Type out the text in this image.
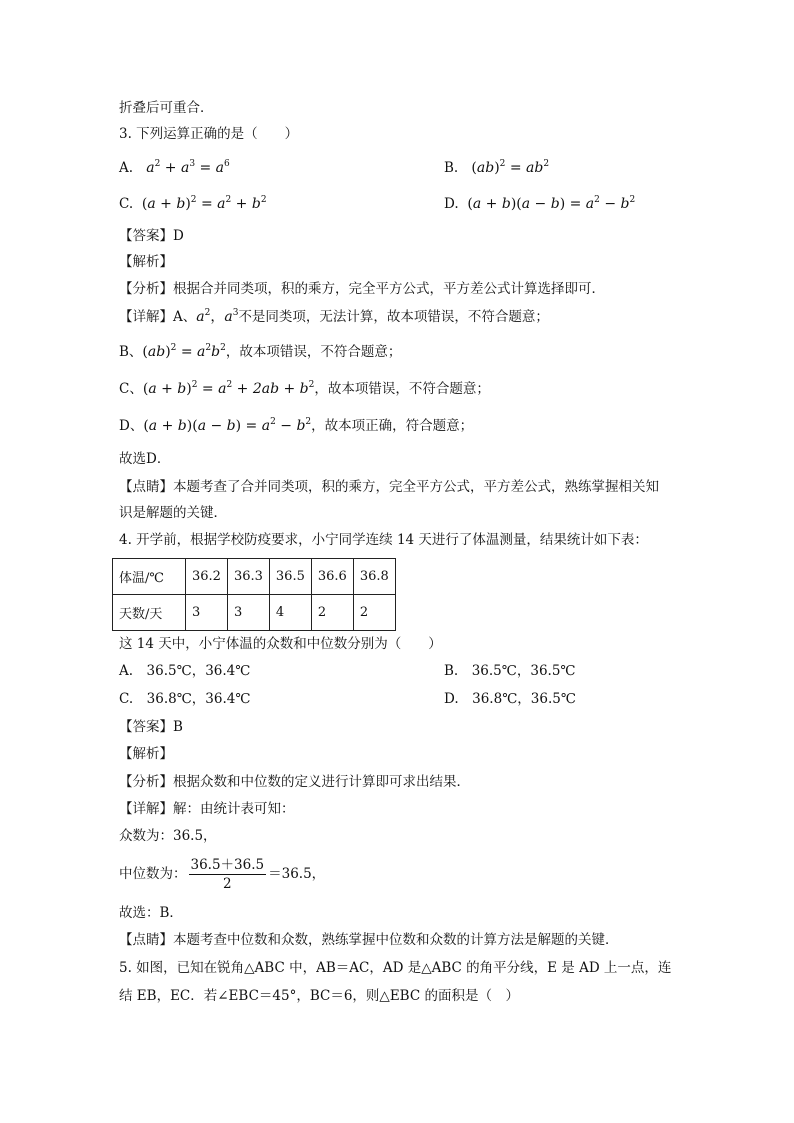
折叠后可重合．
3. 下列运算正确的是（　　）
A.   $a^2 + a^3 = a^6$	B. $(ab)^2 = ab^2$
C. $(a + b)^2 = a^2 + b^2$	D. $(a + b)(a - b) = a^2 - b^2$
【答案】D
【解析】
【分析】根据合并同类项，积的乘方，完全平方公式，平方差公式计算选择即可．
【详解】A、$a^2$，$a^3$不是同类项，无法计算，故本项错误，不符合题意；
B、$(ab)^2 = a^2b^2$，故本项错误，不符合题意；
C、$(a + b)^2 = a^2 + 2ab + b^2$，故本项错误，不符合题意；
D、$(a + b)(a - b) = a^2 - b^2$，故本项正确，符合题意；
故选D．
【点睛】本题考查了合并同类项，积的乘方，完全平方公式，平方差公式，熟练掌握相关知
识是解题的关键．
4. 开学前，根据学校防疫要求，小宁同学连续 14 天进行了体温测量，结果统计如下表：
体温/℃	36.2	36.3	36.5	36.6	36.8
天数/天	3	3	4	2	2
这 14 天中，小宁体温的众数和中位数分别为（　　）
A.　36.5℃，36.4℃	B.　36.5℃，36.5℃
C.　36.8℃，36.4℃	D.　36.8℃，36.5℃
【答案】B
【解析】
【分析】根据众数和中位数的定义进行计算即可求出结果．
【详解】解：由统计表可知：
众数为：36.5，
中位数为： $\frac{36.5+36.5}{2} =36.5$，
故选：B．
【点睛】本题考查中位数和众数，熟练掌握中位数和众数的计算方法是解题的关键．
5. 如图，已知在锐角△ABC 中，AB＝AC，AD 是△ABC 的角平分线，E 是 AD 上一点，连
结 EB，EC．若∠EBC＝45°，BC＝6，则△EBC 的面积是（　）
